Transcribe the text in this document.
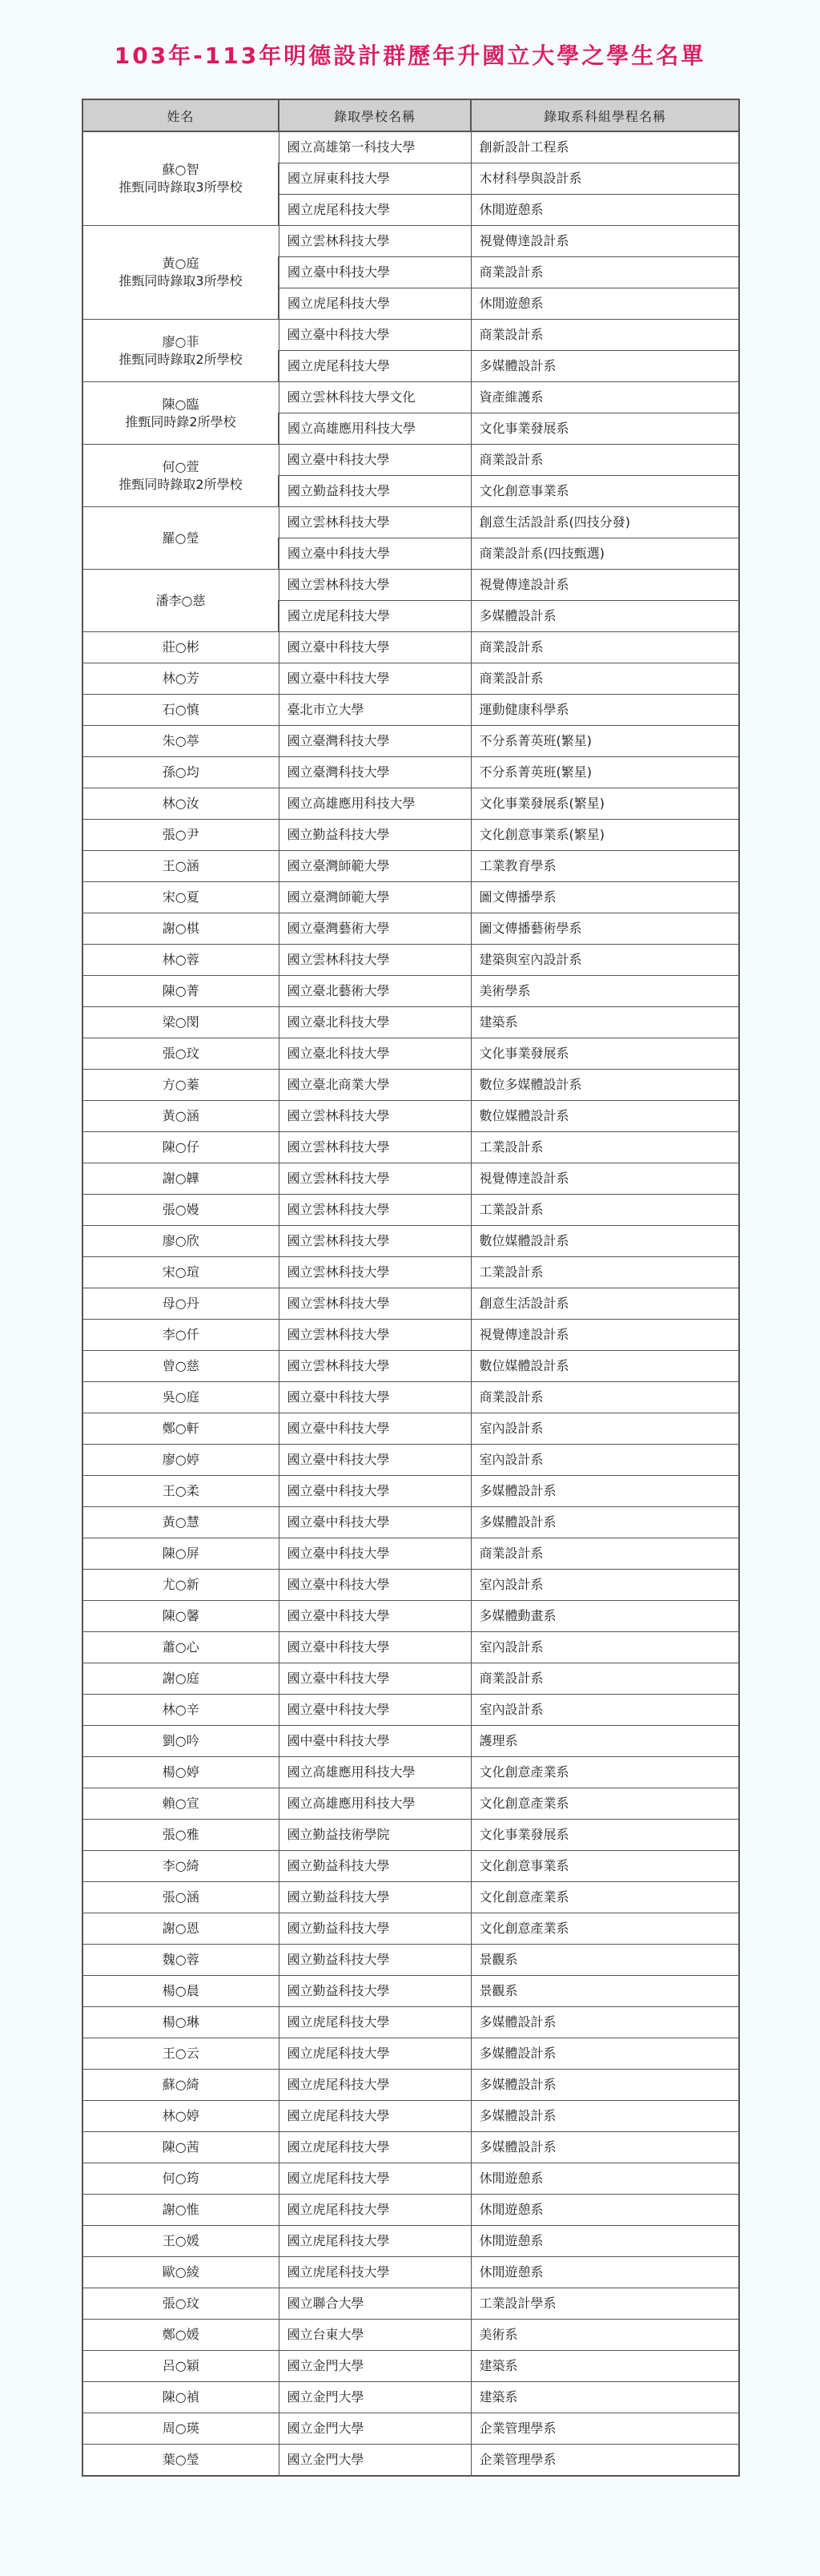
103年-113年明德設計群歷年升國立大學之學生名單
姓名	錄取學校名稱	錄取系科組學程名稱
蘇○智
推甄同時錄取3所學校	國立高雄第一科技大學	創新設計工程系
	國立屏東科技大學	木材科學與設計系
	國立虎尾科技大學	休閒遊憩系
黃○庭
推甄同時錄取3所學校	國立雲林科技大學	視覺傳達設計系
	國立臺中科技大學	商業設計系
	國立虎尾科技大學	休閒遊憩系
廖○菲
推甄同時錄取2所學校	國立臺中科技大學	商業設計系
	國立虎尾科技大學	多媒體設計系
陳○臨
推甄同時錄2所學校	國立雲林科技大學文化	資產維護系
	國立高雄應用科技大學	文化事業發展系
何○萱
推甄同時錄取2所學校	國立臺中科技大學	商業設計系
	國立勤益科技大學	文化創意事業系
羅○瑩	國立雲林科技大學	創意生活設計系(四技分發)
	國立臺中科技大學	商業設計系(四技甄選)
潘李○慈	國立雲林科技大學	視覺傳達設計系
	國立虎尾科技大學	多媒體設計系
莊○彬	國立臺中科技大學	商業設計系
林○芳	國立臺中科技大學	商業設計系
石○慎	臺北市立大學	運動健康科學系
朱○葶	國立臺灣科技大學	不分系菁英班(繁星)
孫○均	國立臺灣科技大學	不分系菁英班(繁星)
林○汝	國立高雄應用科技大學	文化事業發展系(繁星)
張○尹	國立勤益科技大學	文化創意事業系(繁星)
王○涵	國立臺灣師範大學	工業教育學系
宋○夏	國立臺灣師範大學	圖文傳播學系
謝○棋	國立臺灣藝術大學	圖文傳播藝術學系
林○蓉	國立雲林科技大學	建築與室內設計系
陳○菁	國立臺北藝術大學	美術學系
梁○閔	國立臺北科技大學	建築系
張○玟	國立臺北科技大學	文化事業發展系
方○蓁	國立臺北商業大學	數位多媒體設計系
黃○涵	國立雲林科技大學	數位媒體設計系
陳○仔	國立雲林科技大學	工業設計系
謝○韡	國立雲林科技大學	視覺傳達設計系
張○嫚	國立雲林科技大學	工業設計系
廖○欣	國立雲林科技大學	數位媒體設計系
宋○瑄	國立雲林科技大學	工業設計系
母○丹	國立雲林科技大學	創意生活設計系
李○仟	國立雲林科技大學	視覺傳達設計系
曾○慈	國立雲林科技大學	數位媒體設計系
吳○庭	國立臺中科技大學	商業設計系
鄭○軒	國立臺中科技大學	室內設計系
廖○婷	國立臺中科技大學	室內設計系
王○柔	國立臺中科技大學	多媒體設計系
黃○慧	國立臺中科技大學	多媒體設計系
陳○屏	國立臺中科技大學	商業設計系
尤○新	國立臺中科技大學	室內設計系
陳○馨	國立臺中科技大學	多媒體動畫系
蕭○心	國立臺中科技大學	室內設計系
謝○庭	國立臺中科技大學	商業設計系
林○辛	國立臺中科技大學	室內設計系
劉○吟	國中臺中科技大學	護理系
楊○婷	國立高雄應用科技大學	文化創意產業系
賴○宣	國立高雄應用科技大學	文化創意產業系
張○雅	國立勤益技術學院	文化事業發展系
李○綺	國立勤益科技大學	文化創意事業系
張○涵	國立勤益科技大學	文化創意產業系
謝○恩	國立勤益科技大學	文化創意產業系
魏○蓉	國立勤益科技大學	景觀系
楊○晨	國立勤益科技大學	景觀系
楊○琳	國立虎尾科技大學	多媒體設計系
王○云	國立虎尾科技大學	多媒體設計系
蘇○綺	國立虎尾科技大學	多媒體設計系
林○婷	國立虎尾科技大學	多媒體設計系
陳○茜	國立虎尾科技大學	多媒體設計系
何○筠	國立虎尾科技大學	休閒遊憩系
謝○惟	國立虎尾科技大學	休閒遊憩系
王○媛	國立虎尾科技大學	休閒遊憩系
歐○綾	國立虎尾科技大學	休閒遊憩系
張○玟	國立聯合大學	工業設計學系
鄭○媛	國立台東大學	美術系
呂○穎	國立金門大學	建築系
陳○禎	國立金門大學	建築系
周○瑛	國立金門大學	企業管理學系
葉○瑩	國立金門大學	企業管理學系
